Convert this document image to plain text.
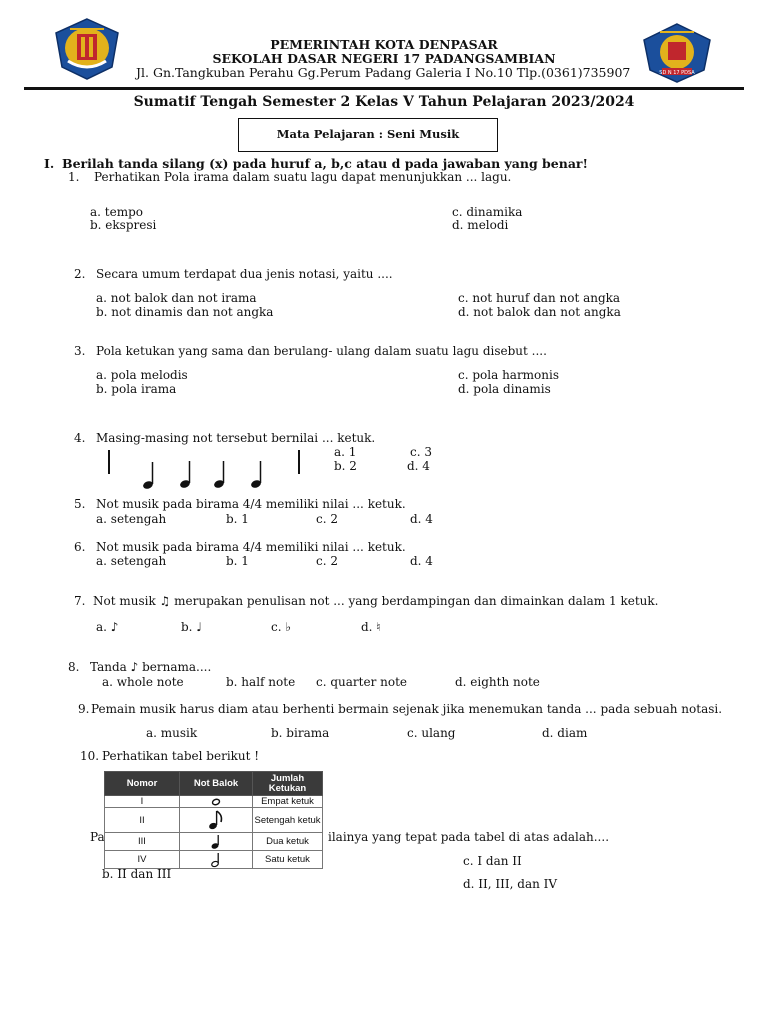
SD N 17 PDSA
PEMERINTAH KOTA DENPASAR
SEKOLAH DASAR NEGERI 17 PADANGSAMBIAN
Jl. Gn.Tangkuban Perahu Gg.Perum Padang Galeria I No.10 Tlp.(0361)735907
Sumatif Tengah Semester 2 Kelas V Tahun Pelajaran 2023/2024
Mata Pelajaran : Seni Musik
I. Berilah tanda silang (x) pada huruf a, b,c atau d pada jawaban yang benar!
1. Perhatikan Pola irama dalam suatu lagu dapat menunjukkan ... lagu.
a. tempo
b. ekspresi
c. dinamika
d. melodi
2. Secara umum terdapat dua jenis notasi, yaitu ....
a. not balok dan not irama
b. not dinamis dan not angka
c. not huruf dan not angka
d. not balok dan not angka
3. Pola ketukan yang sama dan berulang- ulang dalam suatu lagu disebut ....
a. pola melodis
b. pola irama
c. pola harmonis
d. pola dinamis
4. Masing-masing not tersebut bernilai ... ketuk.
a. 1
b. 2
c. 3
d. 4
5. Not musik pada birama 4/4 memiliki nilai ... ketuk.
a. setengah	b. 1	c. 2	d. 4
6. Not musik pada birama 4/4 memiliki nilai ... ketuk.
a. setengah	b. 1	c. 2	d. 4
7. Not musik ♫ merupakan penulisan not ... yang berdampingan dan dimainkan dalam 1 ketuk.
a. ♪	b. ♩	c. ♭	d. ♮
8. Tanda ♪ bernama....
a. whole note	b. half note c. quarter note	d. eighth note
9. Pemain musik harus diam atau berhenti bermain sejenak jika menemukan tanda ... pada sebuah notasi.
a. musik	b. birama	c. ulang	d. diam
10. Perhatikan tabel berikut !
Pa	ilainya yang tepat pada tabel di atas adalah....
b. II dan III
c. I dan II
d. II, III, dan IV
Nomor	Not Balok	Jumlah Ketukan
I		Empat ketuk
II		Setengah ketuk
III		Dua ketuk
IV		Satu ketuk
